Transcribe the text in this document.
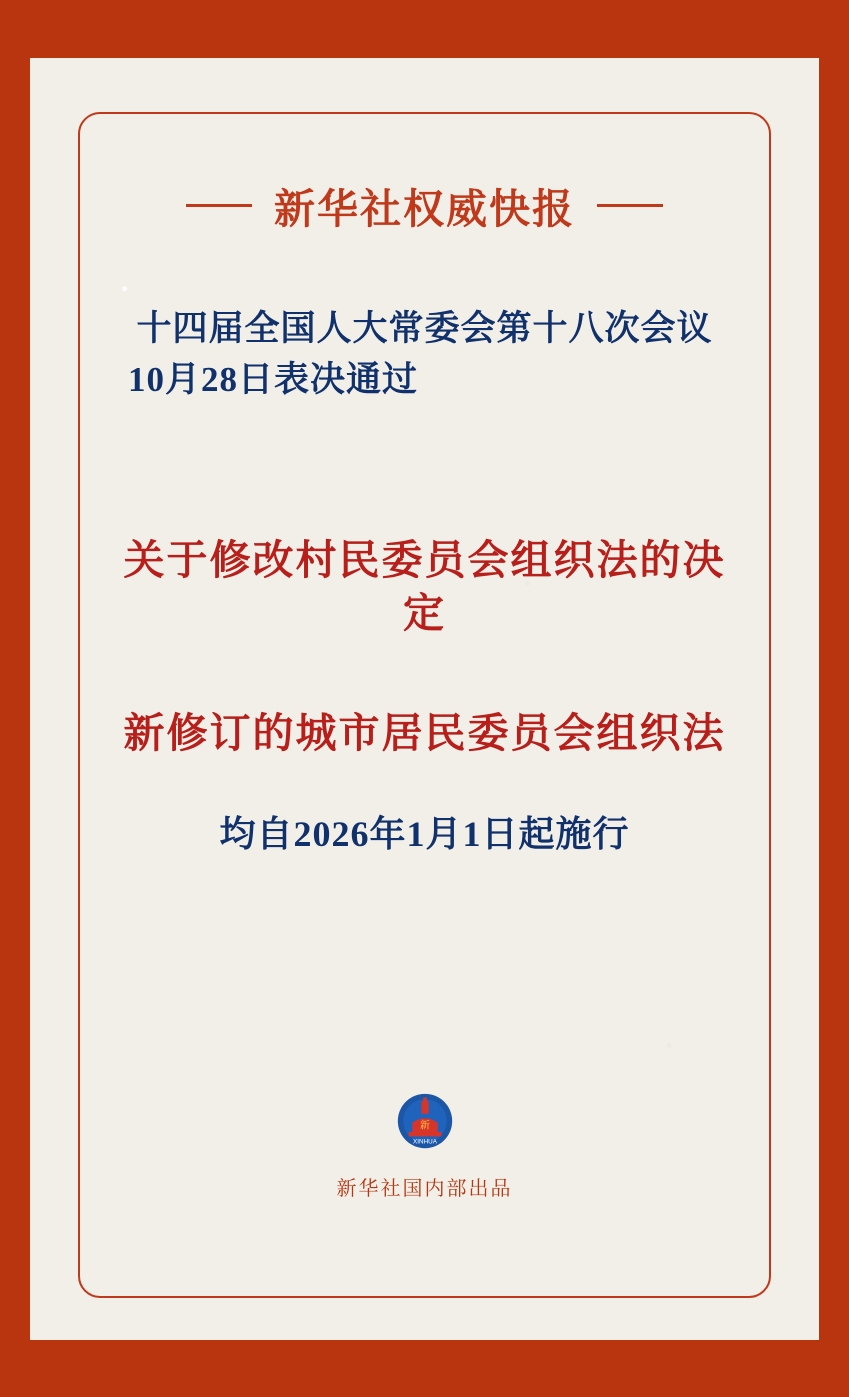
新华社权威快报
十四届全国人大常委会第十八次会议
10月28日表决通过
关于修改村民委员会组织法的决定
新修订的城市居民委员会组织法
均自2026年1月1日起施行
新
XINHUA
新华社国内部出品
